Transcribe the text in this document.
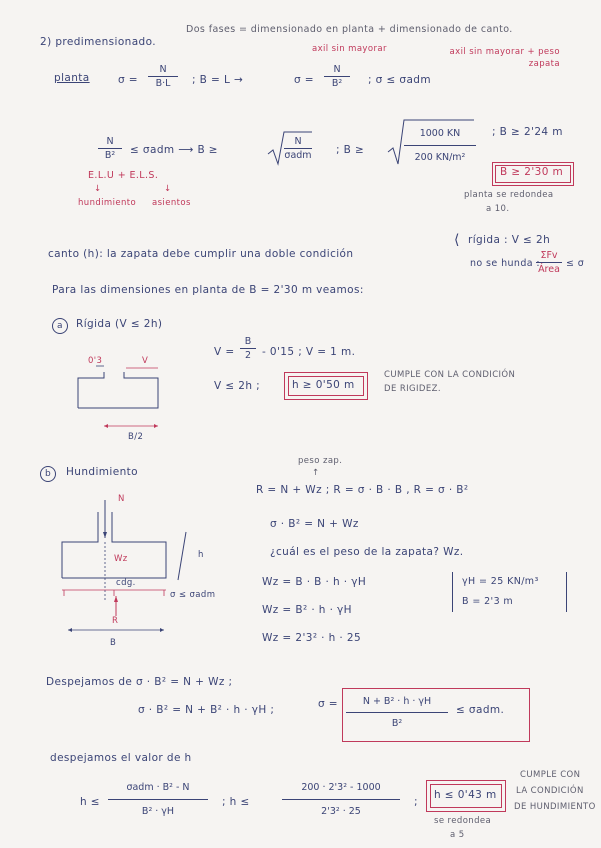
2) predimensionado.
Dos fases = dimensionado en planta + dimensionado de canto.
axil sin mayorar	axil sin mayorar + peso zapata
planta	$\sigma = \frac{N}{B\cdot L}$ ; B = L →	$\sigma = \frac{N}{\text{B²}}$ ; σ ≤ σadm
$\frac{N}{\text{B²}} \le \sigma adm$ ⟶ B ≥
N
σadm ; B ≥	$\frac{1000 KN}{\text{200 KN/m²}}$ ; B ≥ 2'24 m
B ≥ 2'30 m
planta se redondea
a 10.
E.L.U + E.L.S.
↓	↓
hundimiento asientos
canto (h): la zapata debe cumplir una doble condición
⟨ rígida : V ≤ 2h
no se hunda :
ΣFv
Área
≤ σ
Para las dimensiones en planta de B = 2'30 m veamos:
a	Rígida (V ≤ 2h)
$V = \frac{B}{2} - 0'15$ ; V = 1 m.
V ≤ 2h ;	h ≥ 0'50 m
CUMPLE CON LA CONDICIÓN
DE RIGIDEZ.
0'3	V
B/2
b	Hundimiento
peso zap.
↑
R = N + Wz ; R = σ · B · B , R = σ · B²
σ · B² = N + Wz
¿cuál es el peso de la zapata? Wz.
Wz = B · B · h · γH
Wz = B² · h · γH
Wz = 2'3² · h · 25
γH = 25 KN/m³
B = 2'3 m
N
Wz
cdg.
h
σ ≤ σadm
R
B
Despejamos de σ · B² = N + Wz ;
σ · B² = N + B² · h · γH ;	$\sigma = \frac{\text{N + B² · h · γH}}{\text{B²}} \le \sigma adm$.
despejamos el valor de h
h ≤
σadm · B² - N
B² · γH
; h ≤	$\frac{\text{200 · 2'3² - 1000}}{\text{2'3² · 25}}$ ;
h ≤ 0'43 m
se redondea
a 5
CUMPLE CON
LA CONDICIÓN
DE HUNDIMIENTO
